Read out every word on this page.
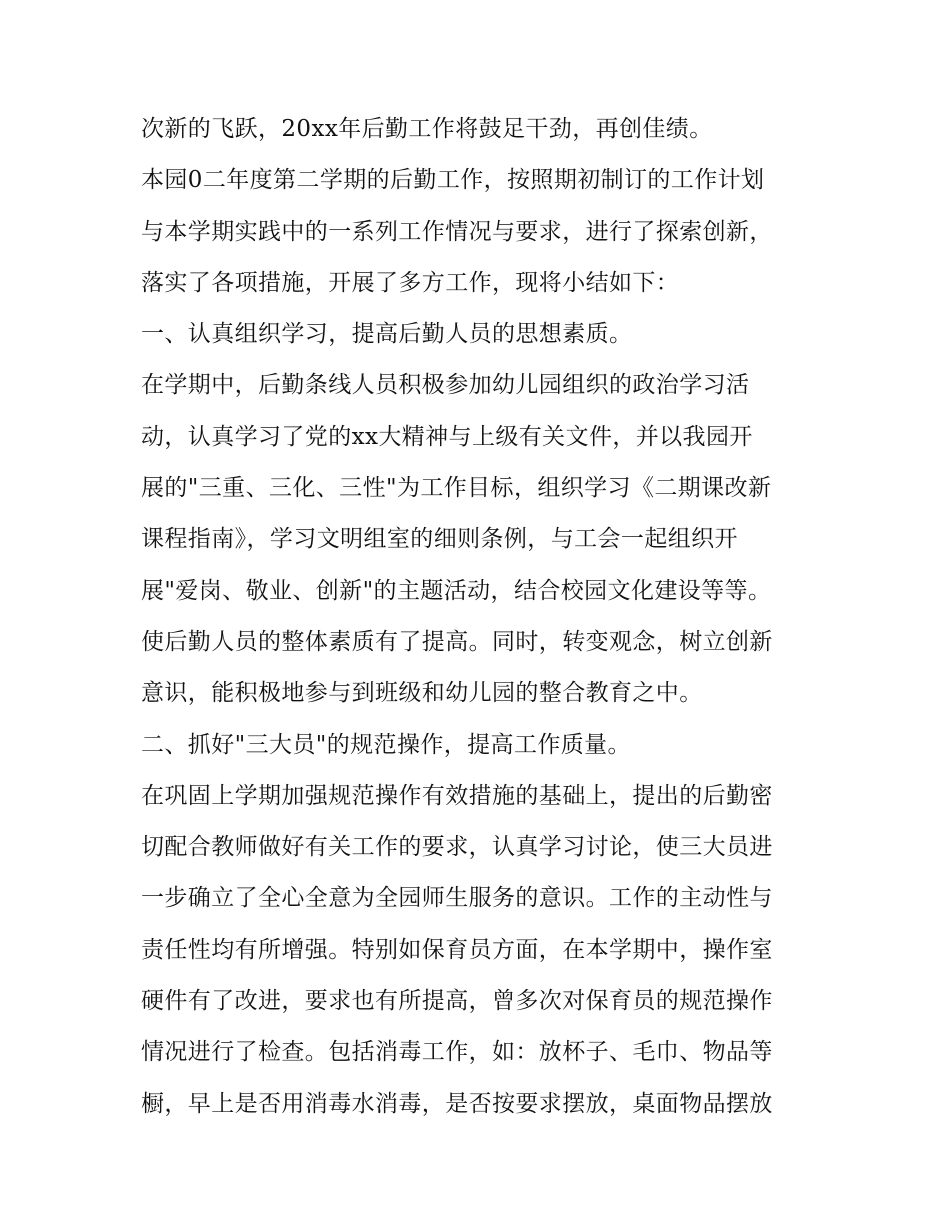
次新的飞跃，20xx年后勤工作将鼓足干劲，再创佳绩。
本园0二年度第二学期的后勤工作，按照期初制订的工作计划
与本学期实践中的一系列工作情况与要求，进行了探索创新，
落实了各项措施，开展了多方工作，现将小结如下：
一、认真组织学习，提高后勤人员的思想素质。
在学期中，后勤条线人员积极参加幼儿园组织的政治学习活
动，认真学习了党的xx大精神与上级有关文件，并以我园开
展的"三重、三化、三性"为工作目标，组织学习《二期课改新
课程指南》，学习文明组室的细则条例，与工会一起组织开
展"爱岗、敬业、创新"的主题活动，结合校园文化建设等等。
使后勤人员的整体素质有了提高。同时，转变观念，树立创新
意识，能积极地参与到班级和幼儿园的整合教育之中。
二、抓好"三大员"的规范操作，提高工作质量。
在巩固上学期加强规范操作有效措施的基础上，提出的后勤密
切配合教师做好有关工作的要求，认真学习讨论，使三大员进
一步确立了全心全意为全园师生服务的意识。工作的主动性与
责任性均有所增强。特别如保育员方面，在本学期中，操作室
硬件有了改进，要求也有所提高，曾多次对保育员的规范操作
情况进行了检查。包括消毒工作，如：放杯子、毛巾、物品等
橱，早上是否用消毒水消毒，是否按要求摆放，桌面物品摆放
